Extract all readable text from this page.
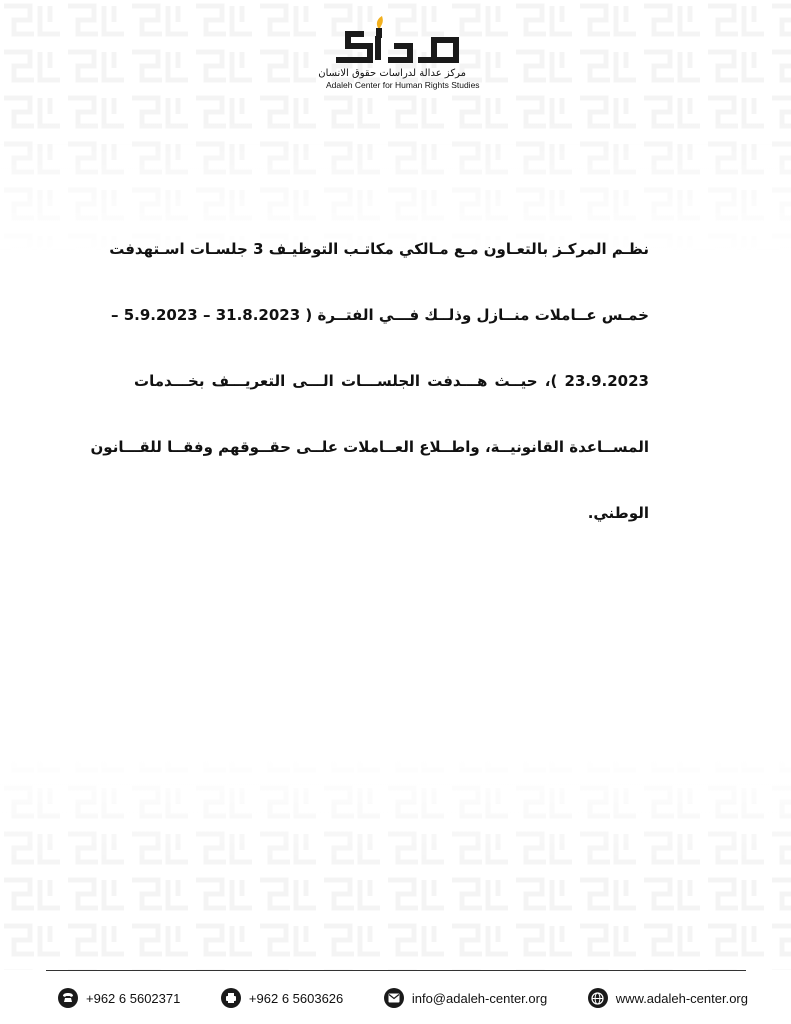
مركز عدالة لدراسات حقوق الانسان
Adaleh Center for Human Rights Studies
نظـم المركـز بالتعـاون مـع مـالكي مكاتـب التوظيـف 3 جلسـات اسـتهدفت
خمـس عــاملات منــازل وذلــك فـــي الفتــرة ( 31.8.2023 – 5.9.2023 –
23.9.2023 )، حيــث هـــدفت الجلســـات الـــى التعريـــف بخـــدمات
المســاعدة القانونيــة، واطــلاع العــاملات علــى حقــوقهم وفقــا للقـــانون
الوطني.
+962 6 5602371	+962 6 5603626	info@adaleh-center.org	www.adaleh-center.org
